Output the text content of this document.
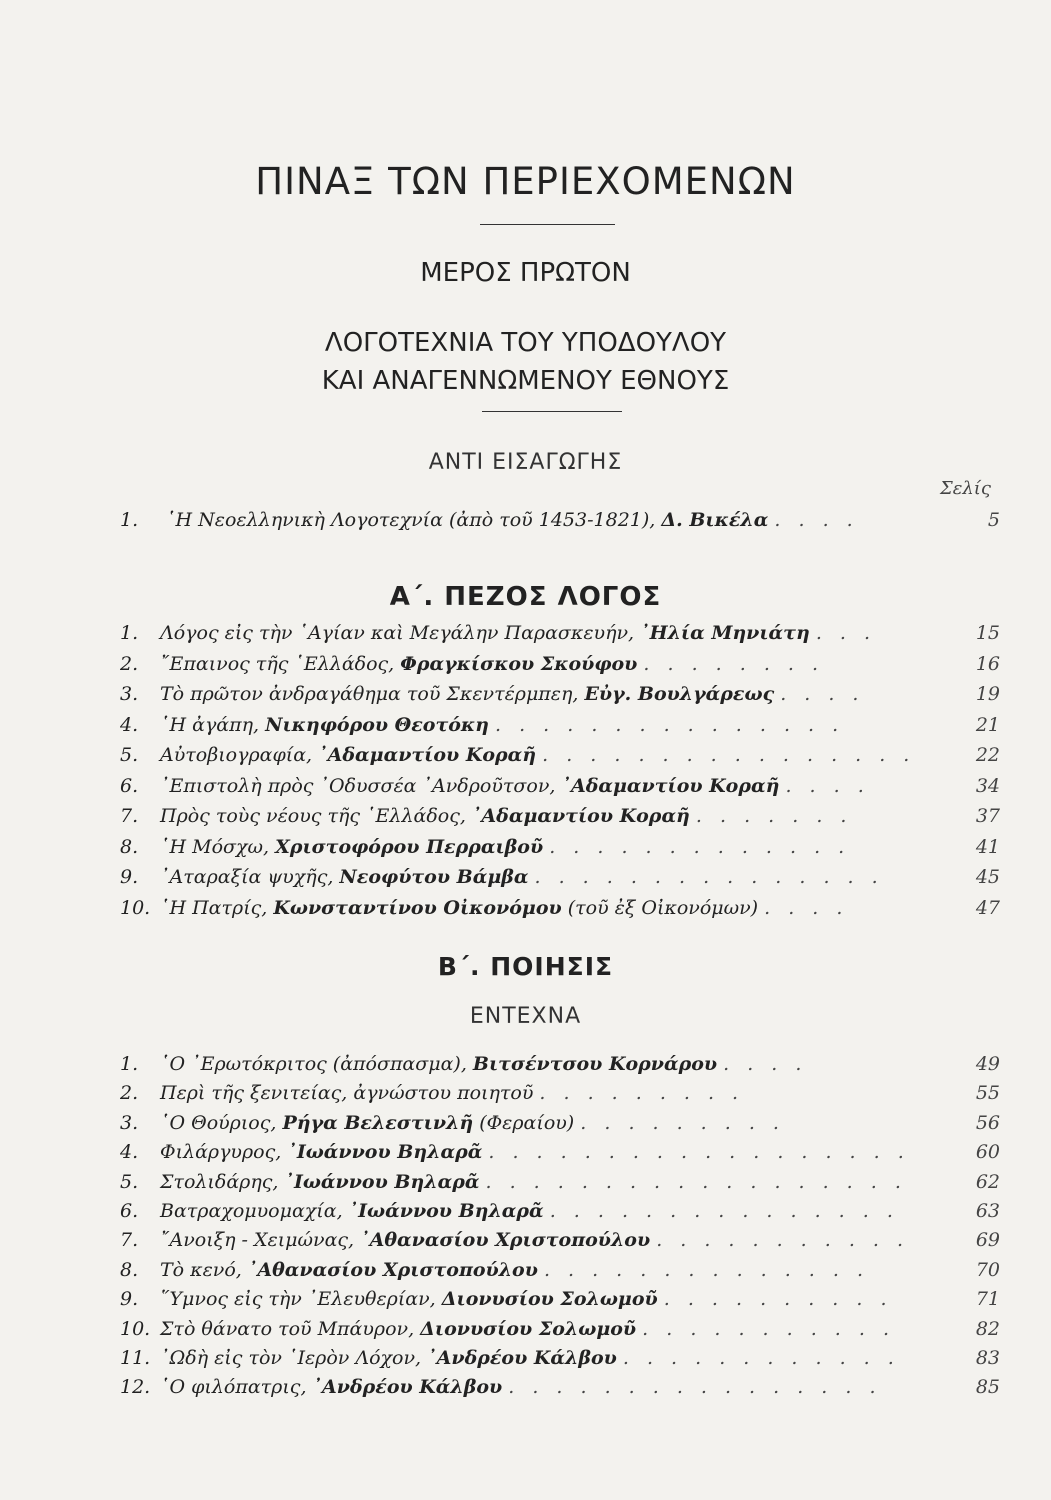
ΠΙΝΑΞ ΤΩΝ ΠΕΡΙΕΧΟΜΕΝΩΝ
ΜΕΡΟΣ ΠΡΩΤΟΝ
ΛΟΓΟΤΕΧΝΙΑ ΤΟΥ ΥΠΟΔΟΥΛΟΥ
ΚΑΙ ΑΝΑΓΕΝΝΩΜΕΝΟΥ ΕΘΝΟΥΣ
ΑΝΤΙ ΕΙΣΑΓΩΓΗΣ
Σελίς
1. ῾Η Νεοελληνικὴ Λογοτεχνία (ἀπὸ τοῦ 1453-1821), Δ. Βικέλα . . . .	5
Α΄. ΠΕΖΟΣ ΛΟΓΟΣ
1. Λόγος εἰς τὴν ῾Αγίαν καὶ Μεγάλην Παρασκευήν, ᾿Ηλία Μηνιάτη . . .	15
2. ῎Επαινος τῆς ῾Ελλάδος, Φραγκίσκου Σκούφου . . . . . . . .	16
3. Τὸ πρῶτον ἀνδραγάθημα τοῦ Σκεντέρμπεη, Εὐγ. Βουλγάρεως . . . .	19
4. ῾Η ἀγάπη, Νικηφόρου Θεοτόκη . . . . . . . . . . . . . . .	21
5. Αὐτοβιογραφία, ᾿Αδαμαντίου Κοραῆ . . . . . . . . . . . . . . . .	22
6. ᾿Επιστολὴ πρὸς ᾿Οδυσσέα ᾿Ανδροῦτσον, ᾿Αδαμαντίου Κοραῆ . . . .	34
7. Πρὸς τοὺς νέους τῆς ῾Ελλάδος, ᾿Αδαμαντίου Κοραῆ . . . . . . .	37
8. ῾Η Μόσχω, Χριστοφόρου Περραιβοῦ . . . . . . . . . . . . .	41
9. ᾿Αταραξία ψυχῆς, Νεοφύτου Βάμβα . . . . . . . . . . . . . . .	45
10. ῾Η Πατρίς, Κωνσταντίνου Οἰκονόμου (τοῦ ἐξ Οἰκονόμων) . . . .	47
Β΄. ΠΟΙΗΣΙΣ
ΕΝΤΕΧΝΑ
1. ῾Ο ᾿Ερωτόκριτος (ἀπόσπασμα), Βιτσέντσου Κορνάρου . . . .	49
2. Περὶ τῆς ξενιτείας, ἀγνώστου ποιητοῦ . . . . . . . . .	55
3. ῾Ο Θούριος, Ρήγα Βελεστινλῆ (Φεραίου) . . . . . . . . .	56
4. Φιλάργυρος, ᾿Ιωάννου Βηλαρᾶ . . . . . . . . . . . . . . . . . .	60
5. Στολιδάρης, ᾿Ιωάννου Βηλαρᾶ . . . . . . . . . . . . . . . . . .	62
6. Βατραχομυομαχία, ᾿Ιωάννου Βηλαρᾶ . . . . . . . . . . . . . . .	63
7. ῎Ανοιξη - Χειμώνας, ᾿Αθανασίου Χριστοπούλου . . . . . . . . . . .	69
8. Τὸ κενό, ᾿Αθανασίου Χριστοπούλου . . . . . . . . . . . . . .	70
9. ῞Υμνος εἰς τὴν ᾿Ελευθερίαν, Διονυσίου Σολωμοῦ . . . . . . . . . .	71
10. Στὸ θάνατο τοῦ Μπάυρον, Διονυσίου Σολωμοῦ . . . . . . . . . . .	82
11. ᾿Ωδὴ εἰς τὸν ῾Ιερὸν Λόχον, ᾿Ανδρέου Κάλβου . . . . . . . . . . . .	83
12. ῾Ο φιλόπατρις, ᾿Ανδρέου Κάλβου . . . . . . . . . . . . . . . .	85
